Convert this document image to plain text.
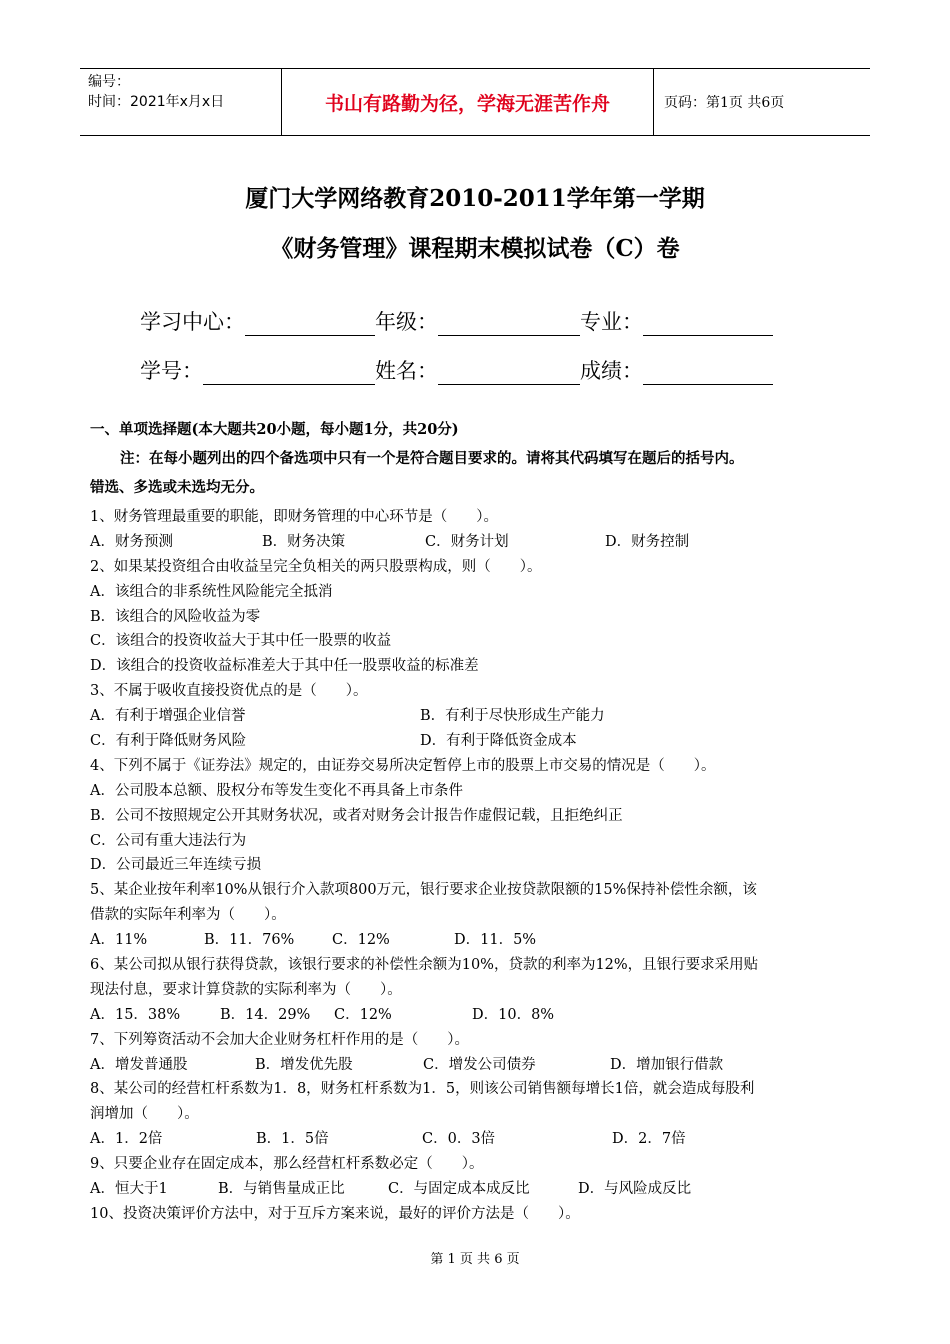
编号：
时间：2021年x月x日	书山有路勤为径，学海无涯苦作舟	页码：第1页 共6页
厦门大学网络教育2010-2011学年第一学期
《财务管理》课程期末模拟试卷（C）卷
学习中心：	年级：	专业：
学号：	姓名：	成绩：
一、单项选择题(本大题共20小题，每小题1分，共20分)
注：在每小题列出的四个备选项中只有一个是符合题目要求的。请将其代码填写在题后的括号内。
错选、多选或未选均无分。
1、财务管理最重要的职能，即财务管理的中心环节是（　　）。
A．财务预测	B．财务决策	C．财务计划	D．财务控制
2、如果某投资组合由收益呈完全负相关的两只股票构成，则（　　）。
A．该组合的非系统性风险能完全抵消
B．该组合的风险收益为零
C．该组合的投资收益大于其中任一股票的收益
D．该组合的投资收益标准差大于其中任一股票收益的标准差
3、不属于吸收直接投资优点的是（　　）。
A．有利于增强企业信誉	B．有利于尽快形成生产能力
C．有利于降低财务风险	D．有利于降低资金成本
4、下列不属于《证券法》规定的，由证券交易所决定暂停上市的股票上市交易的情况是（　　）。
A．公司股本总额、股权分布等发生变化不再具备上市条件
B．公司不按照规定公开其财务状况，或者对财务会计报告作虚假记载，且拒绝纠正
C．公司有重大违法行为
D．公司最近三年连续亏损
5、某企业按年利率10%从银行介入款项800万元，银行要求企业按贷款限额的15%保持补偿性余额，该
借款的实际年利率为（　　）。
A．11%	B．11．76%	C．12%	D．11．5%
6、某公司拟从银行获得贷款，该银行要求的补偿性余额为10%，贷款的利率为12%，且银行要求采用贴
现法付息，要求计算贷款的实际利率为（　　）。
A．15．38%	B．14．29%	C．12%	D．10．8%
7、下列筹资活动不会加大企业财务杠杆作用的是（　　）。
A．增发普通股	B．增发优先股	C．增发公司债券	D．增加银行借款
8、某公司的经营杠杆系数为1．8，财务杠杆系数为1．5，则该公司销售额每增长1倍，就会造成每股利
润增加（　　）。
A．1．2倍	B．1．5倍	C．0．3倍	D．2．7倍
9、只要企业存在固定成本，那么经营杠杆系数必定（　　）。
A．恒大于1	B．与销售量成正比	C．与固定成本成反比	D．与风险成反比
10、投资决策评价方法中，对于互斥方案来说，最好的评价方法是（　　）。
第 1 页 共 6 页
